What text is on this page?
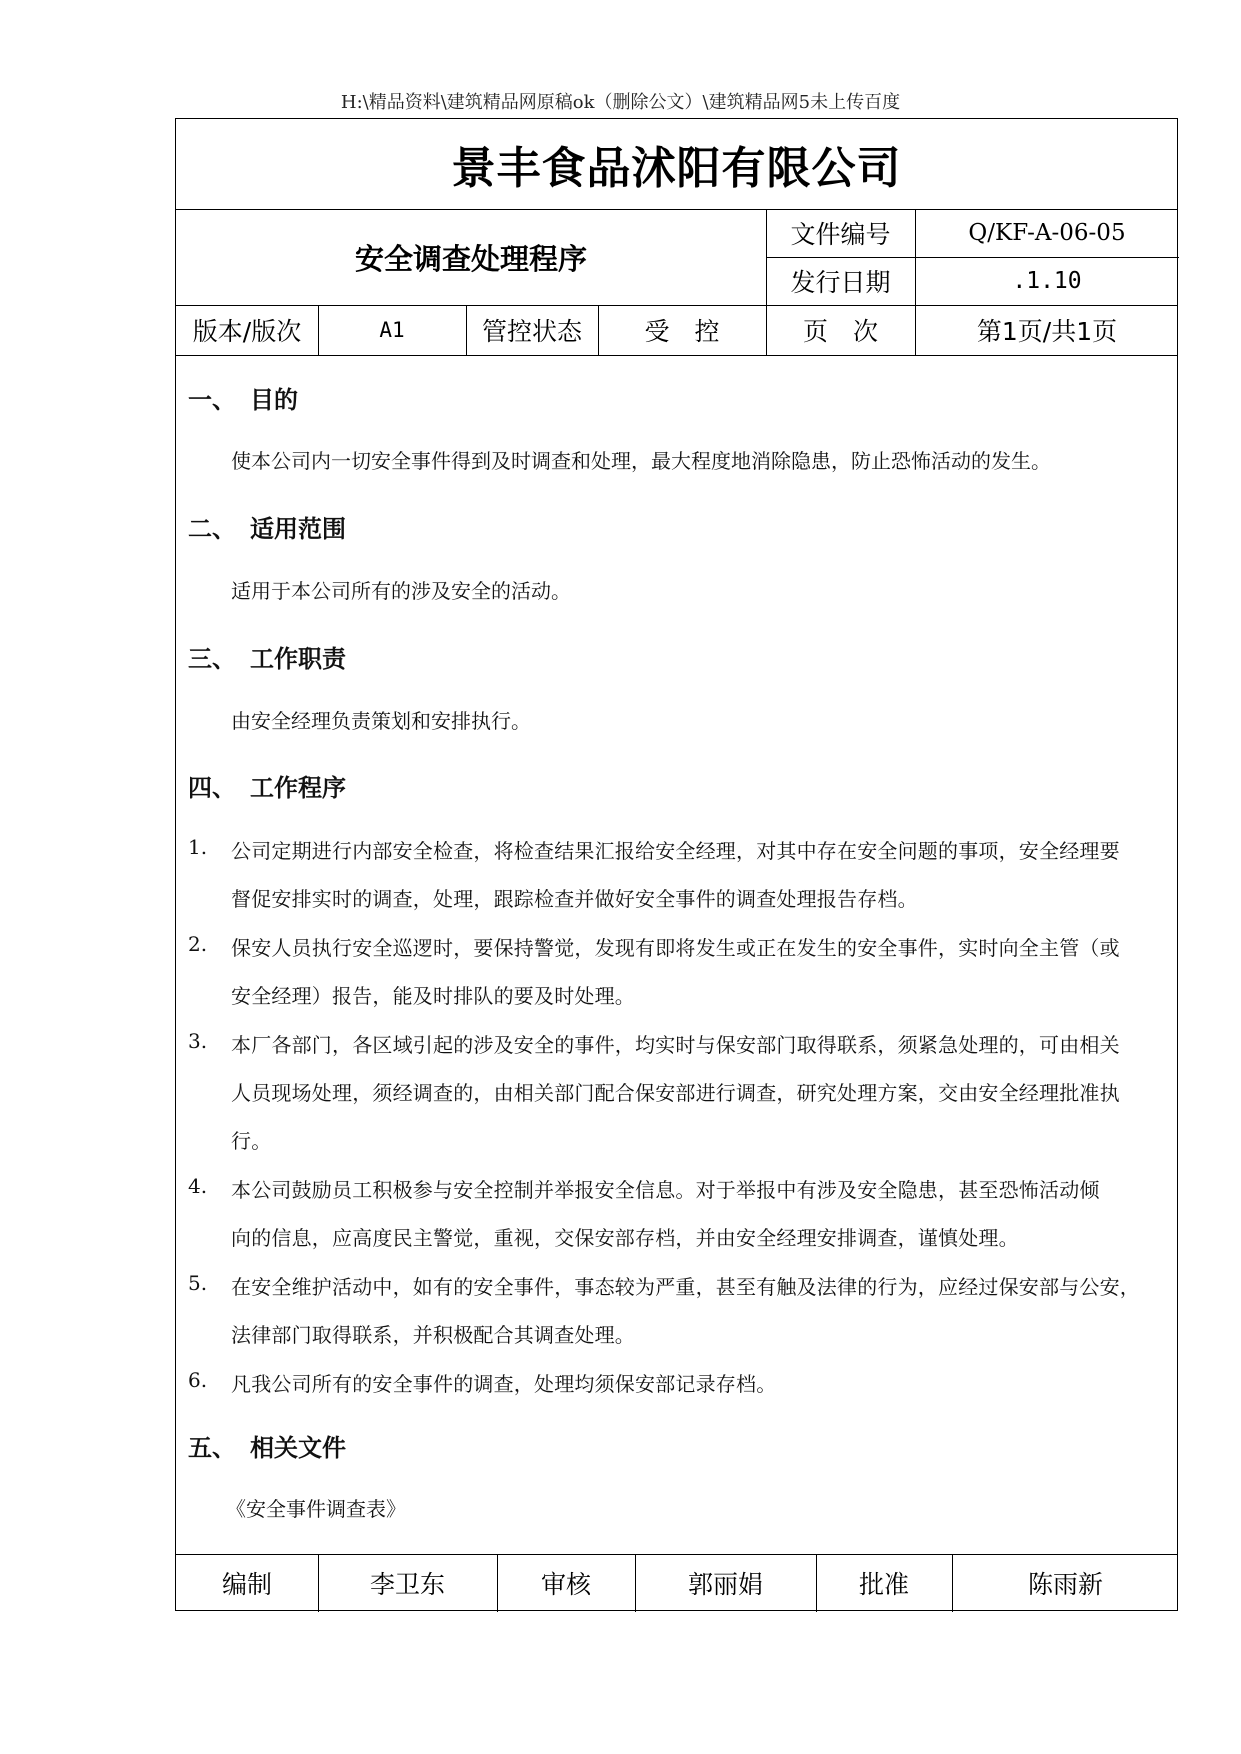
H:\精品资料\建筑精品网原稿ok（删除公文）\建筑精品网5未上传百度
景丰食品沭阳有限公司
安全调查处理程序
文件编号	Q/KF-A-06-05
发行日期	.1.10
版本/版次	A1	管控状态	受　控	页　次	第1页/共1页
一、 目的
使本公司内一切安全事件得到及时调查和处理，最大程度地消除隐患，防止恐怖活动的发生。
二、 适用范围
适用于本公司所有的涉及安全的活动。
三、 工作职责
由安全经理负责策划和安排执行。
四、 工作程序
1. 公司定期进行内部安全检查，将检查结果汇报给安全经理，对其中存在安全问题的事项，安全经理要
督促安排实时的调查，处理，跟踪检查并做好安全事件的调查处理报告存档。
2. 保安人员执行安全巡逻时，要保持警觉，发现有即将发生或正在发生的安全事件，实时向全主管（或
安全经理）报告，能及时排队的要及时处理。
3. 本厂各部门，各区域引起的涉及安全的事件，均实时与保安部门取得联系，须紧急处理的，可由相关
人员现场处理，须经调查的，由相关部门配合保安部进行调查，研究处理方案，交由安全经理批准执
行。
4. 本公司鼓励员工积极参与安全控制并举报安全信息。对于举报中有涉及安全隐患，甚至恐怖活动倾
向的信息，应高度民主警觉，重视，交保安部存档，并由安全经理安排调查，谨慎处理。
5. 在安全维护活动中，如有的安全事件，事态较为严重，甚至有触及法律的行为，应经过保安部与公安，
法律部门取得联系，并积极配合其调查处理。
6. 凡我公司所有的安全事件的调查，处理均须保安部记录存档。
五、 相关文件
《安全事件调查表》
编制	李卫东	审核	郭丽娟	批准	陈雨新
